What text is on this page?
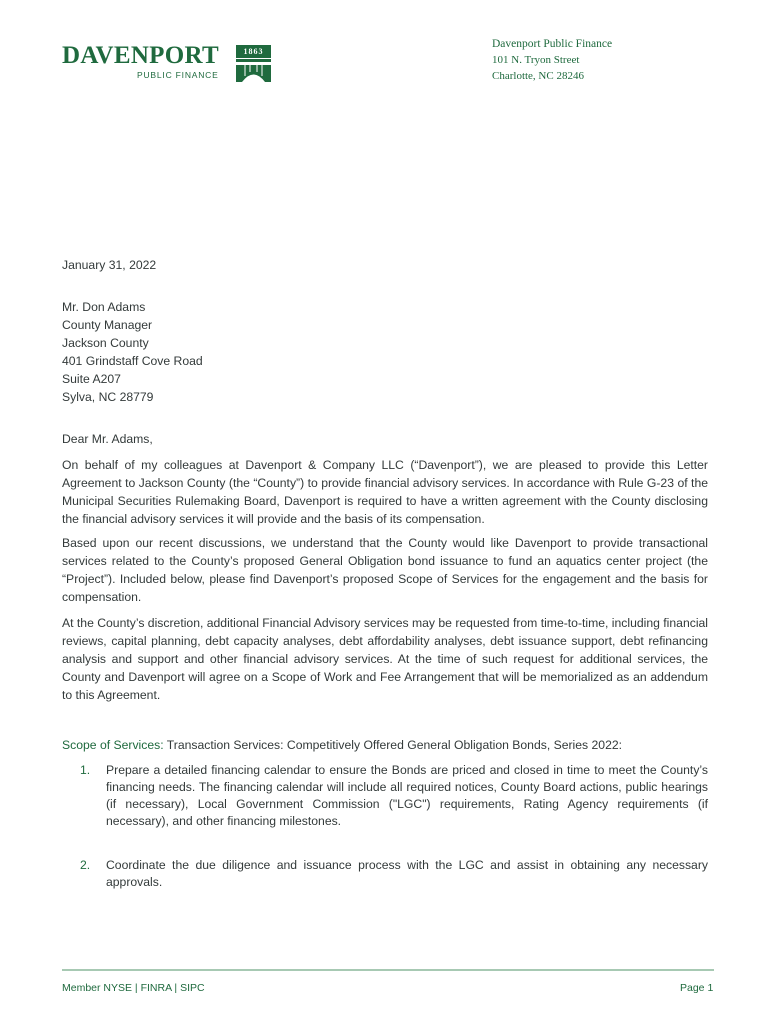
DAVENPORT
PUBLIC FINANCE
1863
Davenport Public Finance
101 N. Tryon Street
Charlotte, NC 28246
January 31, 2022
Mr. Don Adams
County Manager
Jackson County
401 Grindstaff Cove Road
Suite A207
Sylva, NC 28779
Dear Mr. Adams,
On behalf of my colleagues at Davenport & Company LLC (“Davenport”), we are pleased to provide this Letter Agreement to Jackson County (the “County”) to provide financial advisory services. In accordance with Rule G-23 of the Municipal Securities Rulemaking Board, Davenport is required to have a written agreement with the County disclosing the financial advisory services it will provide and the basis of its compensation.
Based upon our recent discussions, we understand that the County would like Davenport to provide transactional services related to the County’s proposed General Obligation bond issuance to fund an aquatics center project (the “Project”). Included below, please find Davenport’s proposed Scope of Services for the engagement and the basis for compensation.
At the County’s discretion, additional Financial Advisory services may be requested from time-to-time, including financial reviews, capital planning, debt capacity analyses, debt affordability analyses, debt issuance support, debt refinancing analysis and support and other financial advisory services. At the time of such request for additional services, the County and Davenport will agree on a Scope of Work and Fee Arrangement that will be memorialized as an addendum to this Agreement.
Scope of Services: Transaction Services: Competitively Offered General Obligation Bonds, Series 2022:
1. Prepare a detailed financing calendar to ensure the Bonds are priced and closed in time to meet the County’s financing needs. The financing calendar will include all required notices, County Board actions, public hearings (if necessary), Local Government Commission ("LGC") requirements, Rating Agency requirements (if necessary), and other financing milestones.
2. Coordinate the due diligence and issuance process with the LGC and assist in obtaining any necessary approvals.
Member NYSE | FINRA | SIPC	Page 1
